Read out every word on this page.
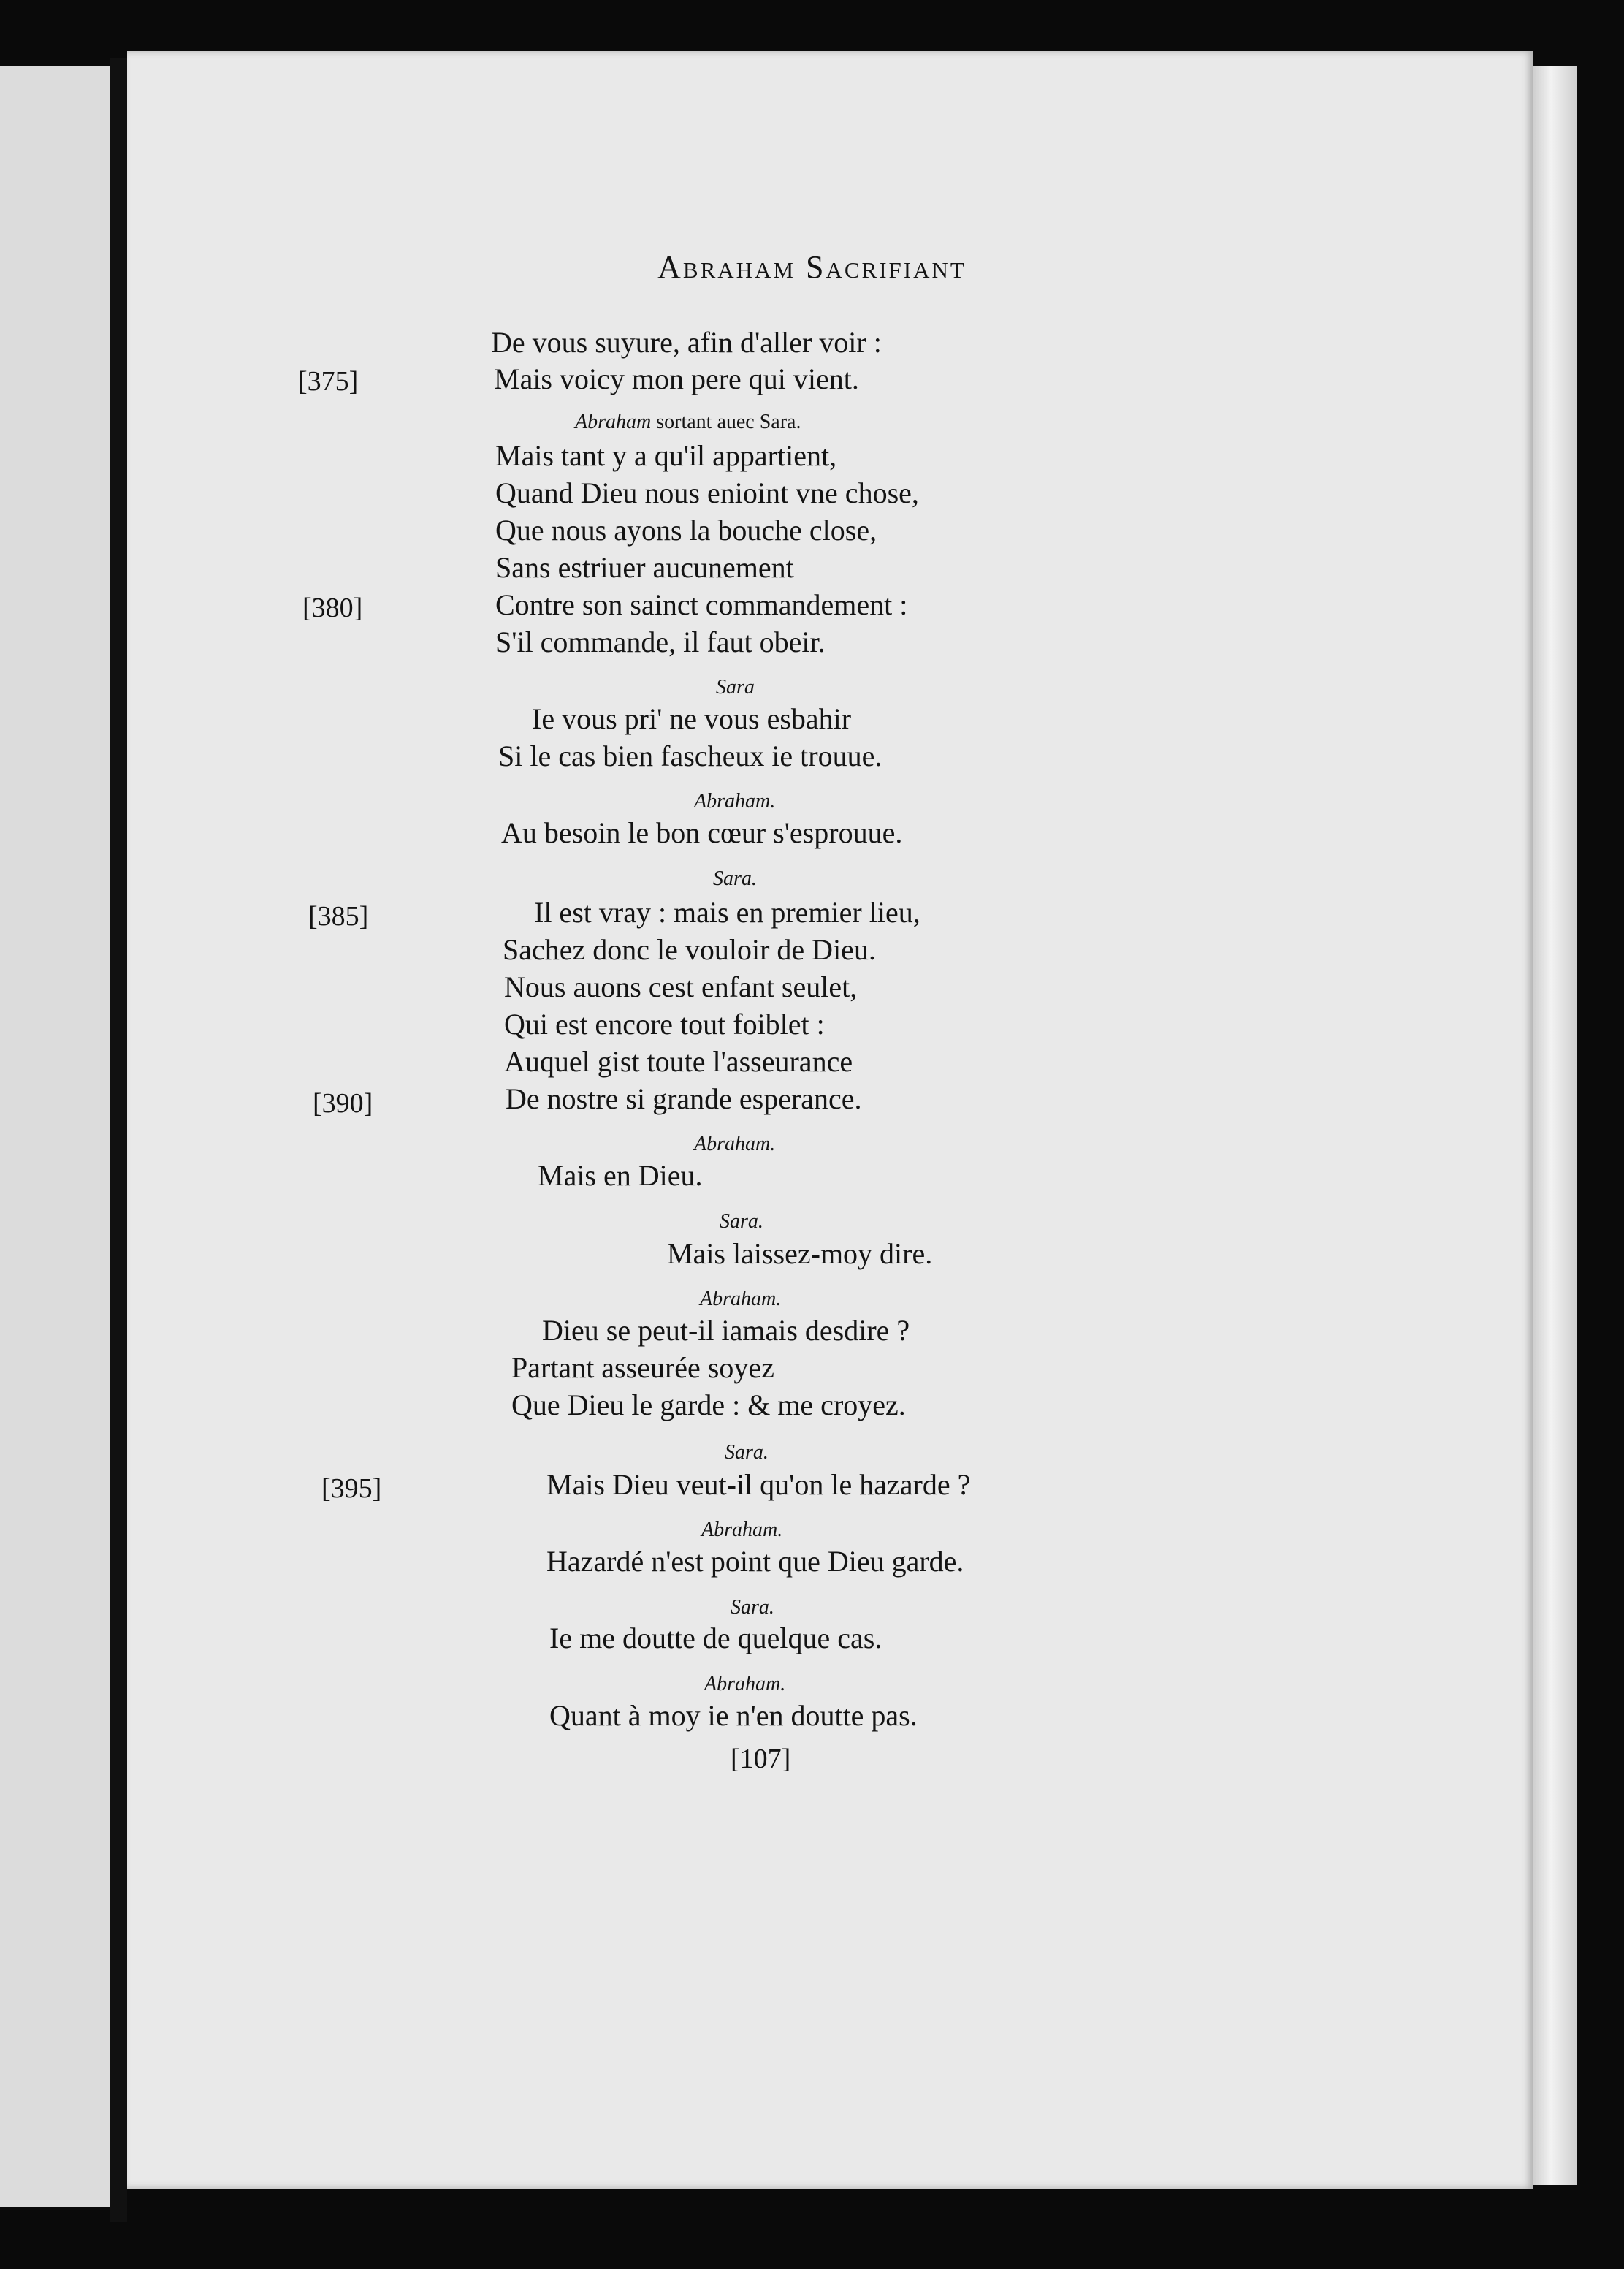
Abraham Sacrifiant
De vous suyure, afin d'aller voir :
Mais voicy mon pere qui vient.
Mais tant y a qu'il appartient,
Quand Dieu nous enioint vne chose,
Que nous ayons la bouche close,
Sans estriuer aucunement
Contre son sainct commandement :
S'il commande, il faut obeir.
Ie vous pri' ne vous esbahir
Si le cas bien fascheux ie trouue.
Au besoin le bon cœur s'esprouue.
Il est vray : mais en premier lieu,
Sachez donc le vouloir de Dieu.
Nous auons cest enfant seulet,
Qui est encore tout foiblet :
Auquel gist toute l'asseurance
De nostre si grande esperance.
Mais en Dieu.
Mais laissez-moy dire.
Dieu se peut-il iamais desdire ?
Partant asseurée soyez
Que Dieu le garde : & me croyez.
Mais Dieu veut-il qu'on le hazarde ?
Hazardé n'est point que Dieu garde.
Ie me doutte de quelque cas.
Quant à moy ie n'en doutte pas.
Abraham sortant auec Sara.
Sara
Abraham.
Sara.
Abraham.
Sara.
Abraham.
Sara.
Abraham.
Sara.
Abraham.
[375]
[380]
[385]
[390]
[395]
[107]
